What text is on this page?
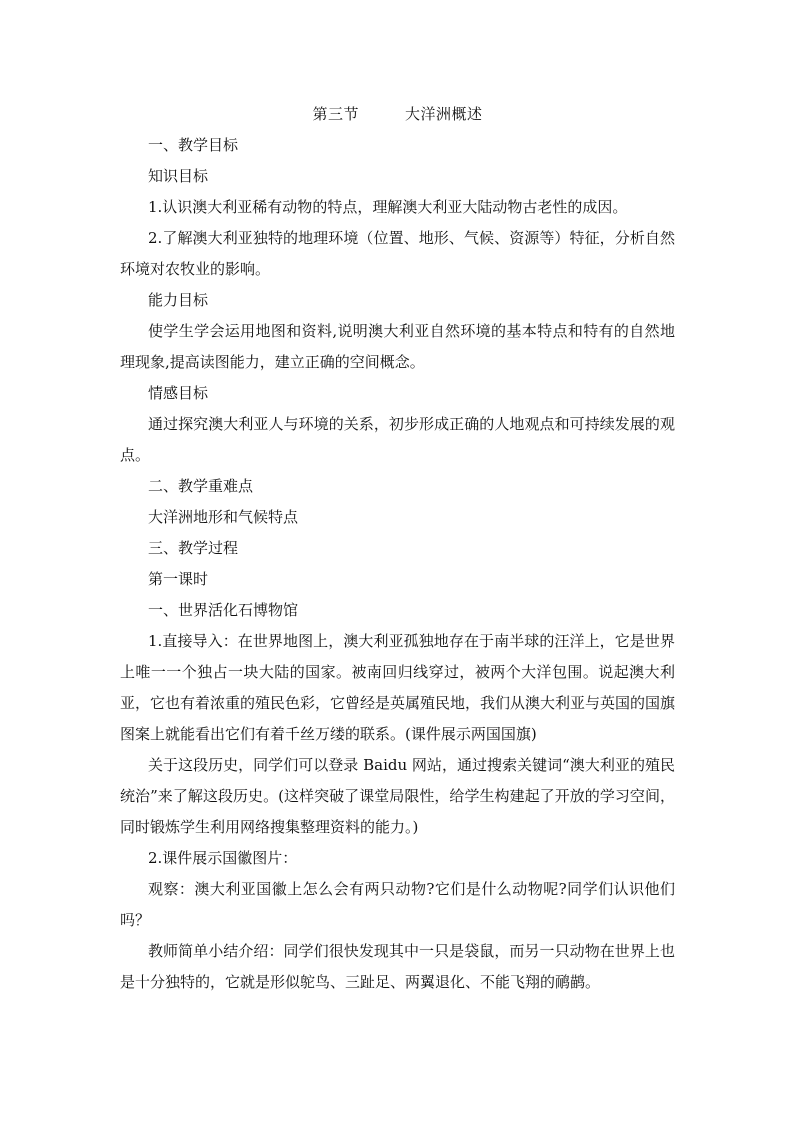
第三节	大洋洲概述

一、教学目标

知识目标

1.认识澳大利亚稀有动物的特点，理解澳大利亚大陆动物古老性的成因。

2.了解澳大利亚独特的地理环境（位置、地形、气候、资源等）特征，分析自然环境对农牧业的影响。

能力目标

使学生学会运用地图和资料,说明澳大利亚自然环境的基本特点和特有的自然地理现象,提高读图能力，建立正确的空间概念。

情感目标

通过探究澳大利亚人与环境的关系，初步形成正确的人地观点和可持续发展的观点。

二、教学重难点

大洋洲地形和气候特点

三、教学过程

第一课时

一、世界活化石博物馆

1.直接导入：在世界地图上，澳大利亚孤独地存在于南半球的汪洋上，它是世界上唯一一个独占一块大陆的国家。被南回归线穿过，被两个大洋包围。说起澳大利亚，它也有着浓重的殖民色彩，它曾经是英属殖民地，我们从澳大利亚与英国的国旗图案上就能看出它们有着千丝万缕的联系。(课件展示两国国旗)

关于这段历史，同学们可以登录 Baidu 网站，通过搜索关键词“澳大利亚的殖民统治”来了解这段历史。(这样突破了课堂局限性，给学生构建起了开放的学习空间，同时锻炼学生利用网络搜集整理资料的能力。)

2.课件展示国徽图片：

观察：澳大利亚国徽上怎么会有两只动物?它们是什么动物呢?同学们认识他们吗？

教师简单小结介绍：同学们很快发现其中一只是袋鼠，而另一只动物在世界上也是十分独特的，它就是形似鸵鸟、三趾足、两翼退化、不能飞翔的鸸鹋。
